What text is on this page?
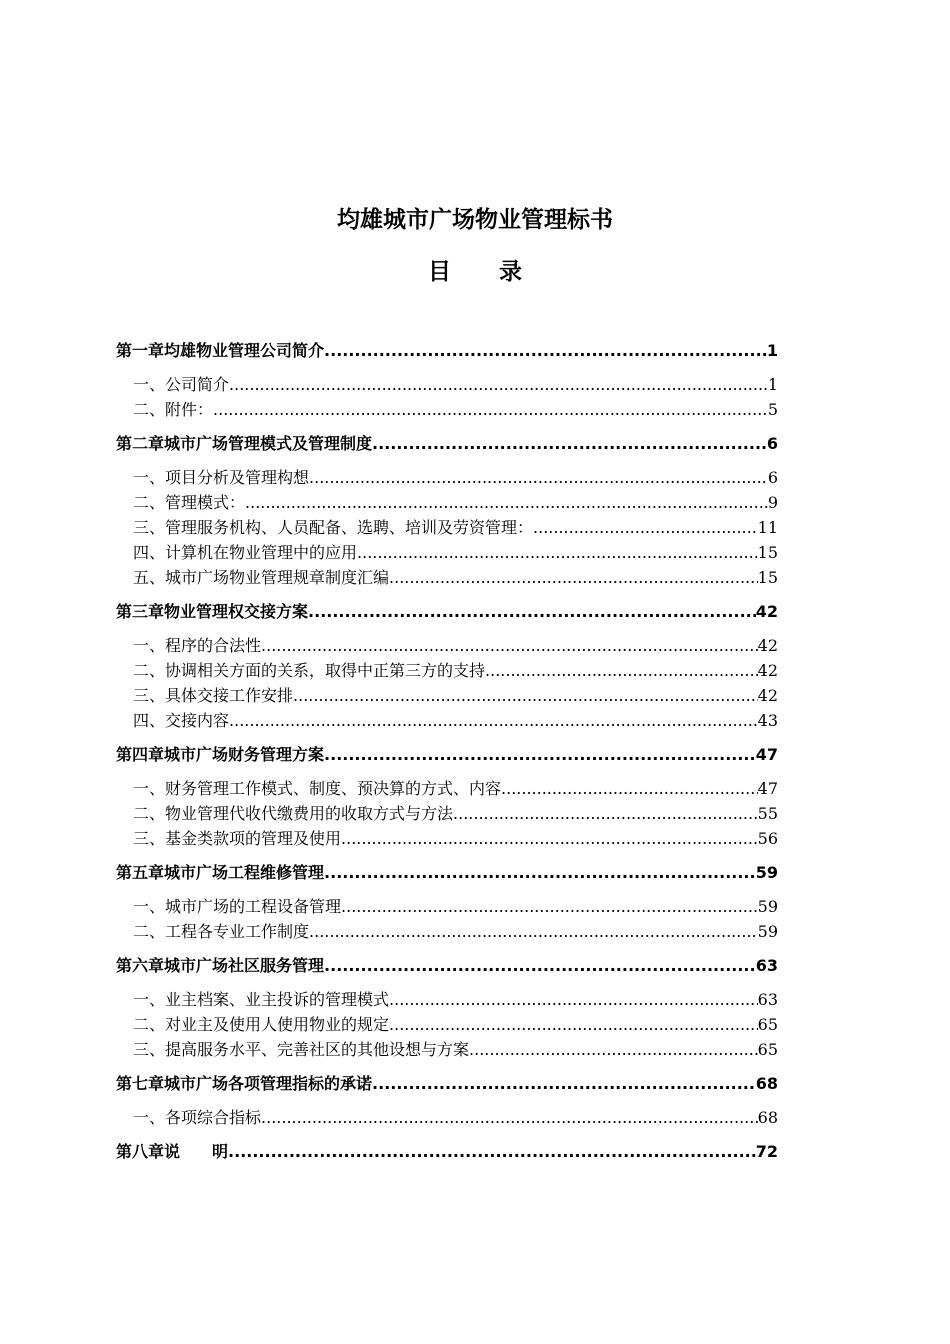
均雄城市广场物业管理标书
目 录
第一章 均雄物业管理公司简介 .....	1
一、公司简介 .....	1
二、附件： .....	5
第二章 城市广场管理模式及管理制度 .....	6
一、项目分析及管理构想 .....	6
二、管理模式： .....	9
三、管理服务机构、人员配备、选聘、培训及劳资管理： .....	11
四、计算机在物业管理中的应用 .....	15
五、城市广场物业管理规章制度汇编 .....	15
第三章 物业管理权交接方案 .....	42
一、程序的合法性 .....	42
二、协调相关方面的关系，取得中正第三方的支持 .....	42
三、具体交接工作安排 .....	42
四、交接内容 .....	43
第四章 城市广场财务管理方案 .....	47
一、财务管理工作模式、制度、预决算的方式、内容 .....	47
二、物业管理代收代缴费用的收取方式与方法 .....	55
三、基金类款项的管理及使用 .....	56
第五章 城市广场工程维修管理 .....	59
一、城市广场的工程设备管理 .....	59
二、工程各专业工作制度 .....	59
第六章 城市广场社区服务管理 .....	63
一、业主档案、业主投诉的管理模式 .....	63
二、对业主及使用人使用物业的规定 .....	65
三、提高服务水平、完善社区的其他设想与方案 .....	65
第七章 城市广场各项管理指标的承诺 .....	68
一、各项综合指标 .....	68
第八章 说　　明 .....	72
